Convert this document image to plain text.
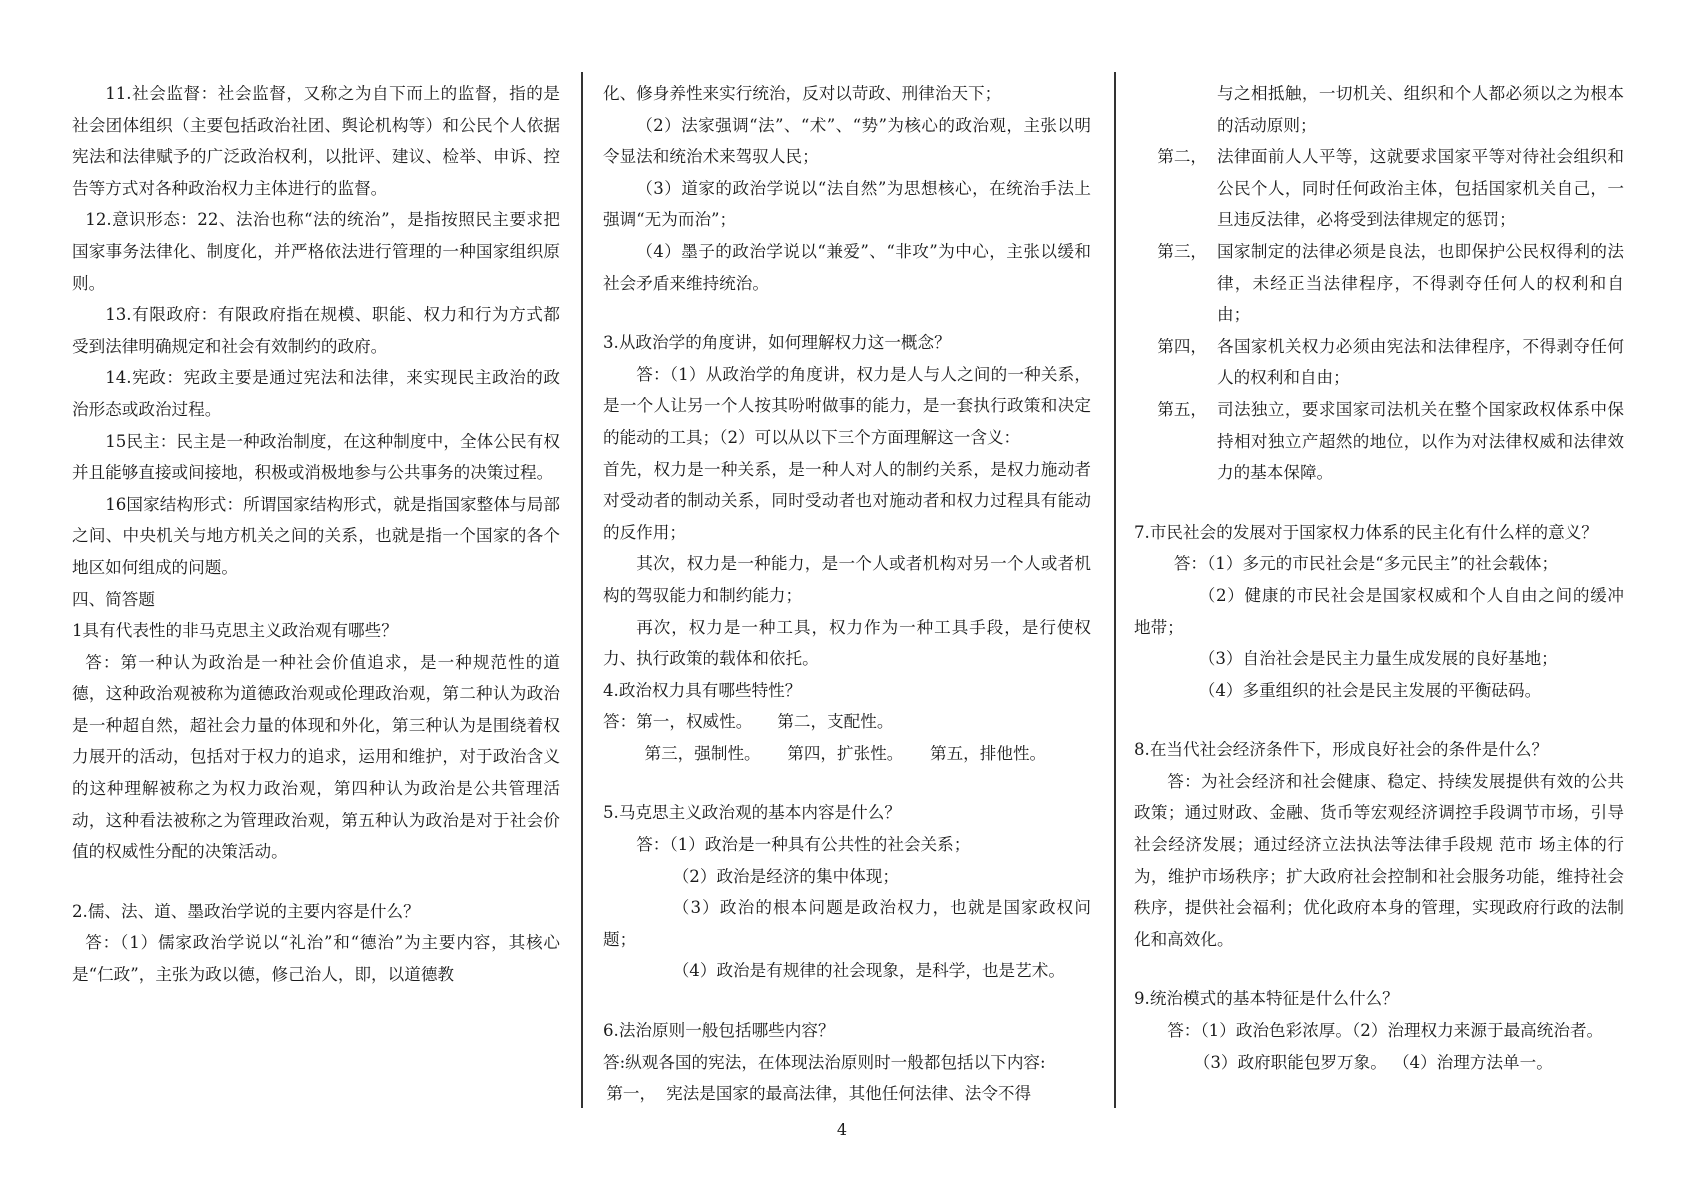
11.社会监督：社会监督，又称之为自下而上的监督，指的是社会团体组织（主要包括政治社团、舆论机构等）和公民个人依据宪法和法律赋予的广泛政治权利，以批评、建议、检举、申诉、控告等方式对各种政治权力主体进行的监督。

12.意识形态：22、法治也称“法的统治”，是指按照民主要求把国家事务法律化、制度化，并严格依法进行管理的一种国家组织原则。

13.有限政府：有限政府指在规模、职能、权力和行为方式都受到法律明确规定和社会有效制约的政府。

14.宪政：宪政主要是通过宪法和法律，来实现民主政治的政治形态或政治过程。

15民主：民主是一种政治制度，在这种制度中，全体公民有权并且能够直接或间接地，积极或消极地参与公共事务的决策过程。

16国家结构形式：所谓国家结构形式，就是指国家整体与局部之间、中央机关与地方机关之间的关系，也就是指一个国家的各个地区如何组成的问题。

四、简答题

1具有代表性的非马克思主义政治观有哪些？

答：第一种认为政治是一种社会价值追求，是一种规范性的道德，这种政治观被称为道德政治观或伦理政治观，第二种认为政治是一种超自然，超社会力量的体现和外化，第三种认为是围绕着权力展开的活动，包括对于权力的追求，运用和维护，对于政治含义的这种理解被称之为权力政治观，第四种认为政治是公共管理活动，这种看法被称之为管理政治观，第五种认为政治是对于社会价值的权威性分配的决策活动。

2.儒、法、道、墨政治学说的主要内容是什么？

答：（1）儒家政治学说以“礼治”和“德治”为主要内容，其核心是“仁政”，主张为政以德，修己治人，即，以道德教

化、修身养性来实行统治，反对以苛政、刑律治天下；

（2）法家强调“法”、“术”、“势”为核心的政治观，主张以明令显法和统治术来驾驭人民；

（3）道家的政治学说以“法自然”为思想核心，在统治手法上强调“无为而治”；

（4）墨子的政治学说以“兼爱”、“非攻”为中心，主张以缓和社会矛盾来维持统治。

3.从政治学的角度讲，如何理解权力这一概念？

答：（1）从政治学的角度讲，权力是人与人之间的一种关系，是一个人让另一个人按其吩咐做事的能力，是一套执行政策和决定的能动的工具；（2）可以从以下三个方面理解这一含义：

首先，权力是一种关系，是一种人对人的制约关系，是权力施动者对受动者的制动关系，同时受动者也对施动者和权力过程具有能动的反作用；

其次，权力是一种能力，是一个人或者机构对另一个人或者机构的驾驭能力和制约能力；

再次，权力是一种工具，权力作为一种工具手段，是行使权力、执行政策的载体和依托。

4.政治权力具有哪些特性？

答：第一，权威性。 第二，支配性。

第三，强制性。 第四，扩张性。 第五，排他性。

5.马克思主义政治观的基本内容是什么？

答：（1）政治是一种具有公共性的社会关系；

（2）政治是经济的集中体现；

（3）政治的根本问题是政治权力，也就是国家政权问题；

（4）政治是有规律的社会现象，是科学，也是艺术。

6.法治原则一般包括哪些内容？

答:纵观各国的宪法，在体现法治原则时一般都包括以下内容:

第一， 宪法是国家的最高法律，其他任何法律、法令不得

与之相抵触，一切机关、组织和个人都必须以之为根本的活动原则；

第二， 法律面前人人平等，这就要求国家平等对待社会组织和公民个人，同时任何政治主体，包括国家机关自己，一旦违反法律，必将受到法律规定的惩罚；
第三， 国家制定的法律必须是良法，也即保护公民权得利的法律，未经正当法律程序，不得剥夺任何人的权利和自由；
第四， 各国家机关权力必须由宪法和法律程序，不得剥夺任何人的权利和自由；
第五， 司法独立，要求国家司法机关在整个国家政权体系中保持相对独立产超然的地位，以作为对法律权威和法律效力的基本保障。

7.市民社会的发展对于国家权力体系的民主化有什么样的意义？

答：（1）多元的市民社会是“多元民主”的社会载体；

（2）健康的市民社会是国家权威和个人自由之间的缓冲地带；

（3）自治社会是民主力量生成发展的良好基地；

（4）多重组织的社会是民主发展的平衡砝码。

8.在当代社会经济条件下，形成良好社会的条件是什么？

答：为社会经济和社会健康、稳定、持续发展提供有效的公共政策；通过财政、金融、货币等宏观经济调控手段调节市场，引导社会经济发展；通过经济立法执法等法律手段规 范市 场主体的行为，维护市场秩序；扩大政府社会控制和社会服务功能，维持社会秩序，提供社会福利；优化政府本身的管理，实现政府行政的法制化和高效化。

9.统治模式的基本特征是什么什么？

答：（1）政治色彩浓厚。（2）治理权力来源于最高统治者。

（3）政府职能包罗万象。 （4）治理方法单一。

4
